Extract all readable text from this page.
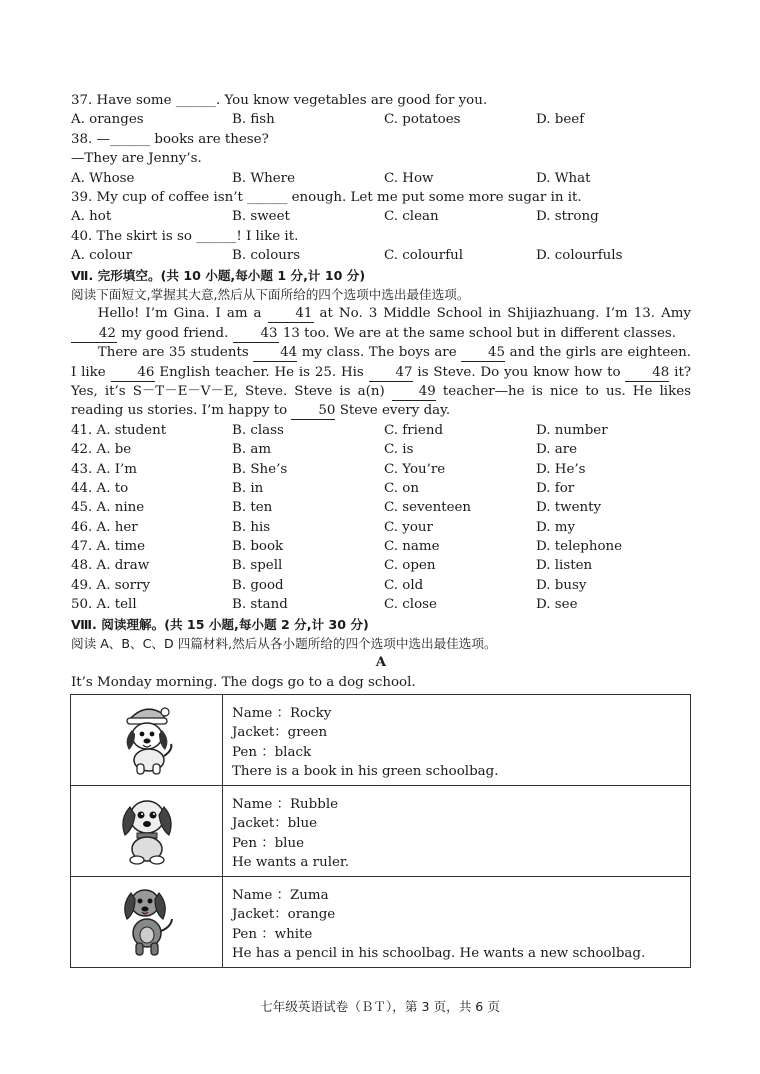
37. Have some ______. You know vegetables are good for you.
A. oranges	B. fish	C. potatoes	D. beef
38. —______ books are these?
—They are Jenny’s.
A. Whose	B. Where	C. How	D. What
39. My cup of coffee isn’t ______ enough. Let me put some more sugar in it.
A. hot	B. sweet	C. clean	D. strong
40. The skirt is so ______! I like it.
A. colour	B. colours	C. colourful	D. colourfuls
Ⅶ. 完形填空。(共 10 小题,每小题 1 分,计 10 分)
阅读下面短文,掌握其大意,然后从下面所给的四个选项中选出最佳选项。
Hello! I’m Gina. I am a	41 at No. 3 Middle School in Shijiazhuang. I’m 13. Amy 42 my good friend. 43 13 too. We are at the same school but in different classes.
There are 35 students 44 my class. The boys are 45 and the girls are eighteen. I like 46 English teacher. He is 25. His 47 is Steve. Do you know how to 48 it? Yes, it’s S－T－E－V－E, Steve. Steve is a(n)	49 teacher—he is nice to us. He likes reading us stories. I’m happy to 50 Steve every day.
41. A. student	B. class	C. friend	D. number
42. A. be	B. am	C. is	D. are
43. A. I’m	B. She’s	C. You’re	D. He’s
44. A. to	B. in	C. on	D. for
45. A. nine	B. ten	C. seventeen	D. twenty
46. A. her	B. his	C. your	D. my
47. A. time	B. book	C. name	D. telephone
48. A. draw	B. spell	C. open	D. listen
49. A. sorry	B. good	C. old	D. busy
50. A. tell	B. stand	C. close	D. see
Ⅷ. 阅读理解。(共 15 小题,每小题 2 分,计 30 分)
阅读 A、B、C、D 四篇材料,然后从各小题所给的四个选项中选出最佳选项。
A
It’s Monday morning. The dogs go to a dog school.

Name ：Rocky
Jacket：green
Pen ：black
There is a book in his green schoolbag.

Name ：Rubble
Jacket：blue
Pen ：blue
He wants a ruler.

Name ：Zuma
Jacket：orange
Pen ：white
He has a pencil in his schoolbag. He wants a new schoolbag.
七年级英语试卷（ＢＴ），第 3 页，共 6 页
